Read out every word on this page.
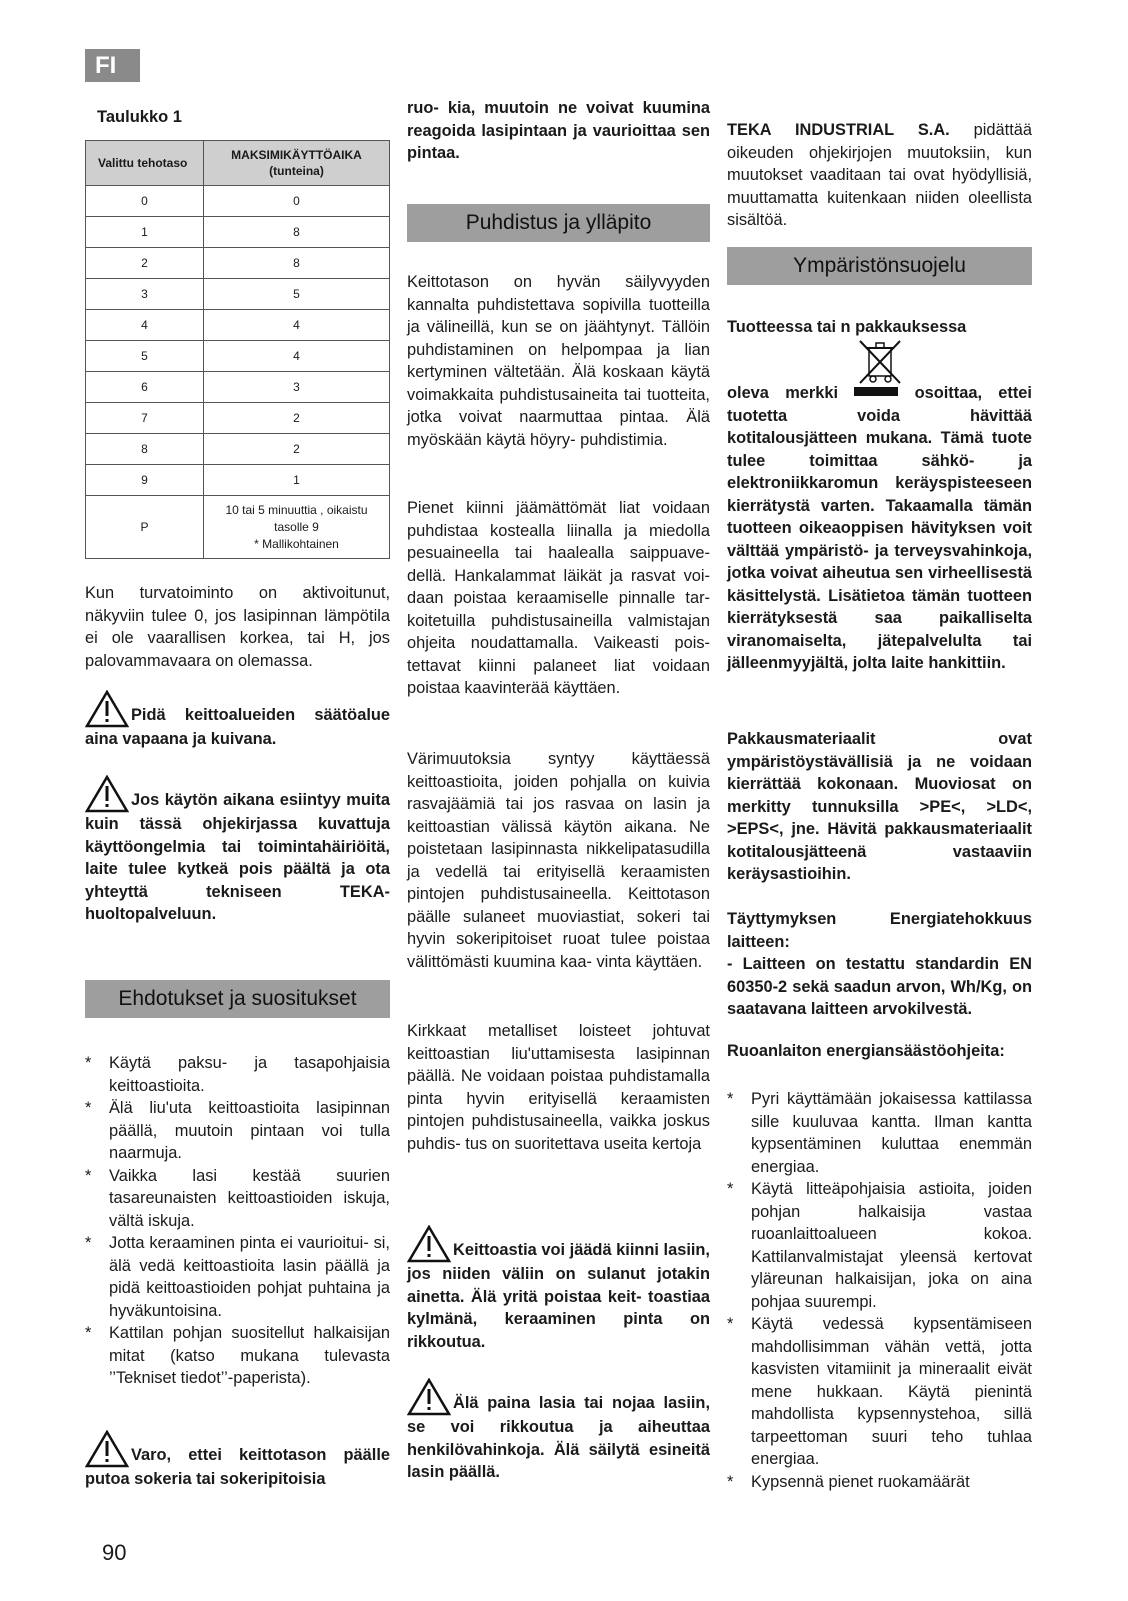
FI
Taulukko 1
Valittu tehotaso	MAKSIMIKÄYTTÖAIKA (tunteina)
0	0
1	8
2	8
3	5
4	4
5	4
6	3
7	2
8	2
9	1
P	10 tai 5 minuuttia , oikaistu
tasolle 9
* Mallikohtainen

Kun turvatoiminto on aktivoitunut, näkyviin tulee 0, jos lasipinnan lämpötila ei ole vaarallisen korkea, tai H, jos palovammavaara on olemassa.

Pidä keittoalueiden säätöalue aina vapaana ja kuivana.
Jos käytön aikana esiintyy muita kuin tässä ohjekirjassa kuvattuja käyttöongelmia tai toimintahäiriöitä, laite tulee kytkeä pois päältä ja ota yhteyttä tekniseen TEKA-huoltopalveluun.
Ehdotukset ja suositukset
* Käytä paksu- ja tasapohjaisia keittoastioita.
* Älä liu'uta keittoastioita lasipinnan päällä, muutoin pintaan voi tulla naarmuja.
* Vaikka lasi kestää suurien tasareunaisten keittoastioiden iskuja, vältä iskuja.
* Jotta keraaminen pinta ei vaurioitui- si, älä vedä keittoastioita lasin päällä ja pidä keittoastioiden pohjat puhtaina ja hyväkuntoisina.
* Kattilan pohjan suositellut halkaisijan mitat (katso mukana tulevasta ’’Tekniset tiedot’’-paperista).
Varo, ettei keittotason päälle putoa sokeria tai sokeripitoisia

ruo- kia, muutoin ne voivat kuumina reagoida lasipintaan ja vaurioittaa sen pintaa.

Puhdistus ja ylläpito

Keittotason on hyvän säilyvyyden kannalta puhdistettava sopivilla tuotteilla ja välineillä, kun se on jäähtynyt. Tällöin puhdistaminen on helpompaa ja lian kertyminen vältetään. Älä koskaan käytä voimakkaita puhdistusaineita tai tuotteita, jotka voivat naarmuttaa pintaa. Älä myöskään käytä höyry- puhdistimia.

Pienet kiinni jäämättömät liat voidaan puhdistaa kostealla liinalla ja miedolla pesuaineella tai haalealla saippuave- dellä. Hankalammat läikät ja rasvat voi- daan poistaa keraamiselle pinnalle tar- koitetuilla puhdistusaineilla valmistajan ohjeita noudattamalla. Vaikeasti pois- tettavat kiinni palaneet liat voidaan poistaa kaavinterää käyttäen.

Värimuutoksia syntyy käyttäessä keittoastioita, joiden pohjalla on kuivia rasvajäämiä tai jos rasvaa on lasin ja keittoastian välissä käytön aikana. Ne poistetaan lasipinnasta nikkelipatasudilla ja vedellä tai erityisellä keraamisten pintojen puhdistusaineella. Keittotason päälle sulaneet muoviastiat, sokeri tai hyvin sokeripitoiset ruoat tulee poistaa välittömästi kuumina kaa- vinta käyttäen.

Kirkkaat metalliset loisteet johtuvat keittoastian liu'uttamisesta lasipinnan päällä. Ne voidaan poistaa puhdistamalla pinta hyvin erityisellä keraamisten pintojen puhdistusaineella, vaikka joskus puhdis- tus on suoritettava useita kertoja

Keittoastia voi jäädä kiinni lasiin, jos niiden väliin on sulanut jotakin ainetta. Älä yritä poistaa keit- toastiaa kylmänä, keraaminen pinta on rikkoutua.
Älä paina lasia tai nojaa lasiin, se voi rikkoutua ja aiheuttaa henkilövahinkoja. Älä säilytä esineitä lasin päällä.

TEKA INDUSTRIAL S.A. pidättää oikeuden ohjekirjojen muutoksiin, kun muutokset vaaditaan tai ovat hyödyllisiä, muuttamatta kuitenkaan niiden oleellista sisältöä.

Ympäristönsuojelu

Tuotteessa tai n pakkauksessa

oleva merkki	osoittaa, ettei tuotetta voida hävittää kotitalousjätteen mukana. Tämä tuote tulee toimittaa sähkö- ja elektroniikkaromun keräyspisteeseen kierrätystä varten. Takaamalla tämän tuotteen oikeaoppisen hävityksen voit välttää ympäristö- ja terveysvahinkoja, jotka voivat aiheutua sen virheellisestä käsittelystä. Lisätietoa tämän tuotteen kierrätyksestä saa paikalliselta viranomaiselta, jätepalvelulta tai jälleenmyyjältä, jolta laite hankittiin.

Pakkausmateriaalit ovat ympäristöystävällisiä ja ne voidaan kierrättää kokonaan. Muoviosat on merkitty tunnuksilla >PE<, >LD<, >EPS<, jne. Hävitä pakkausmateriaalit kotitalousjätteenä vastaaviin keräysastioihin.

Täyttymyksen Energiatehokkuus laitteen:

- Laitteen on testattu standardin EN 60350-2 sekä saadun arvon, Wh/Kg, on saatavana laitteen arvokilvestä.

Ruoanlaiton energiansäästöohjeita:

* Pyri käyttämään jokaisessa kattilassa sille kuuluvaa kantta. Ilman kantta kypsentäminen kuluttaa enemmän energiaa.
* Käytä litteäpohjaisia astioita, joiden pohjan halkaisija vastaa ruoanlaittoalueen kokoa. Kattilanvalmistajat yleensä kertovat yläreunan halkaisijan, joka on aina pohjaa suurempi.
* Käytä vedessä kypsentämiseen mahdollisimman vähän vettä, jotta kasvisten vitamiinit ja mineraalit eivät mene hukkaan. Käytä pienintä mahdollista kypsennystehoa, sillä tarpeettoman suuri teho tuhlaa energiaa.
* Kypsennä pienet ruokamäärät
90
